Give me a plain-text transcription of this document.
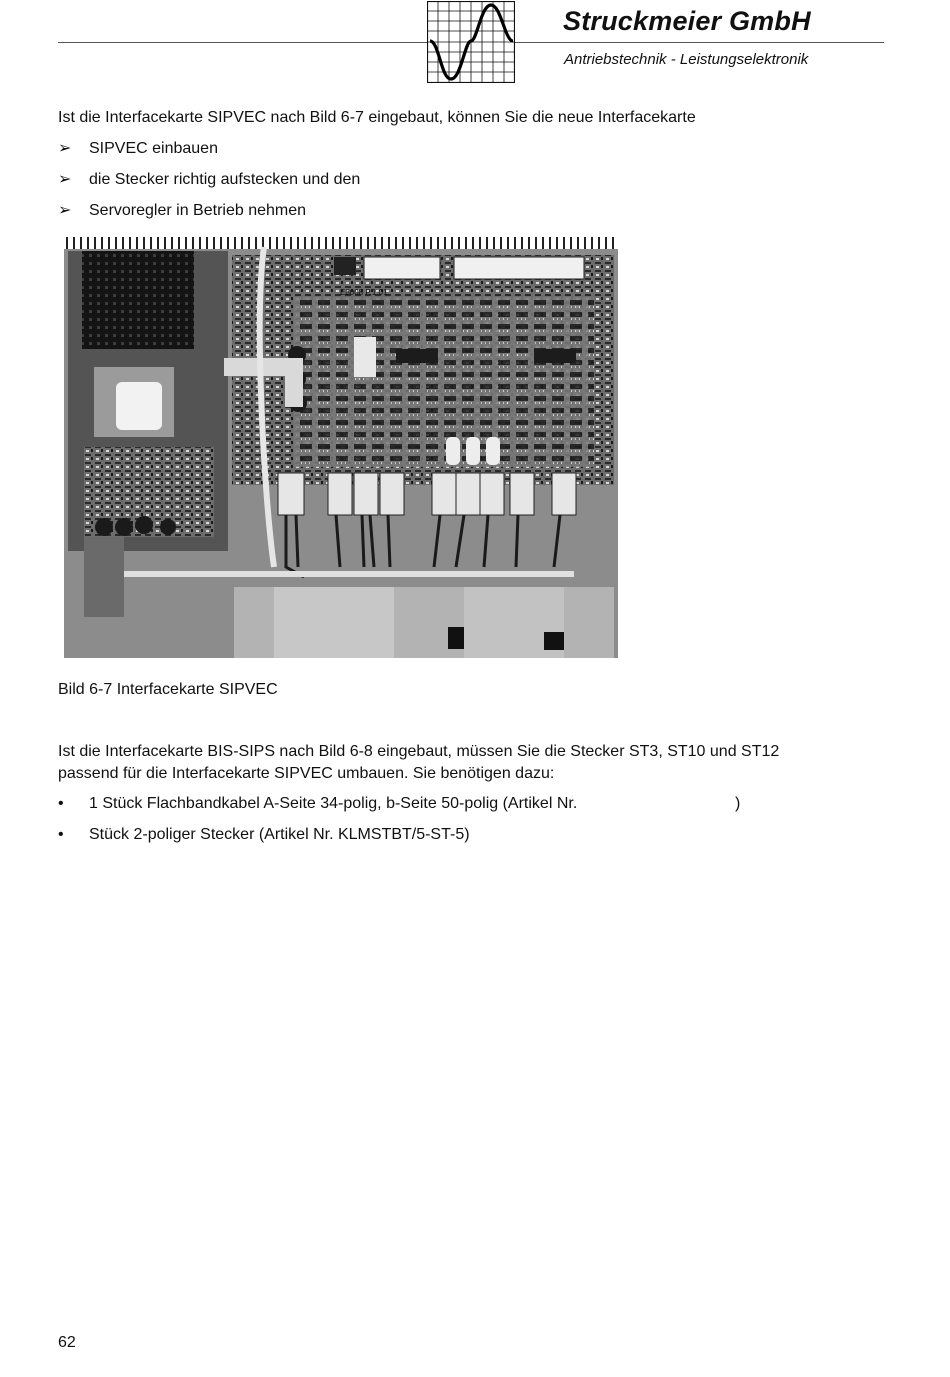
Struckmeier GmbH
Antriebstechnik - Leistungselektronik
Ist die Interfacekarte SIPVEC nach Bild 6-7 eingebaut, können Sie die neue Interfacekarte
➢	SIPVEC einbauen
➢	die Stecker richtig aufstecken und den
➢	Servoregler in Betrieb nehmen
E8008 P.1 01
Bild 6-7 Interfacekarte SIPVEC
Ist die Interfacekarte BIS-SIPS nach Bild 6-8 eingebaut, müssen Sie die Stecker ST3, ST10 und ST12
passend für die Interfacekarte SIPVEC umbauen. Sie benötigen dazu:
•	1 Stück Flachbandkabel A-Seite 34-polig, b-Seite 50-polig (Artikel Nr.	)
•	Stück 2-poliger Stecker (Artikel Nr. KLMSTBT/5-ST-5)
62
